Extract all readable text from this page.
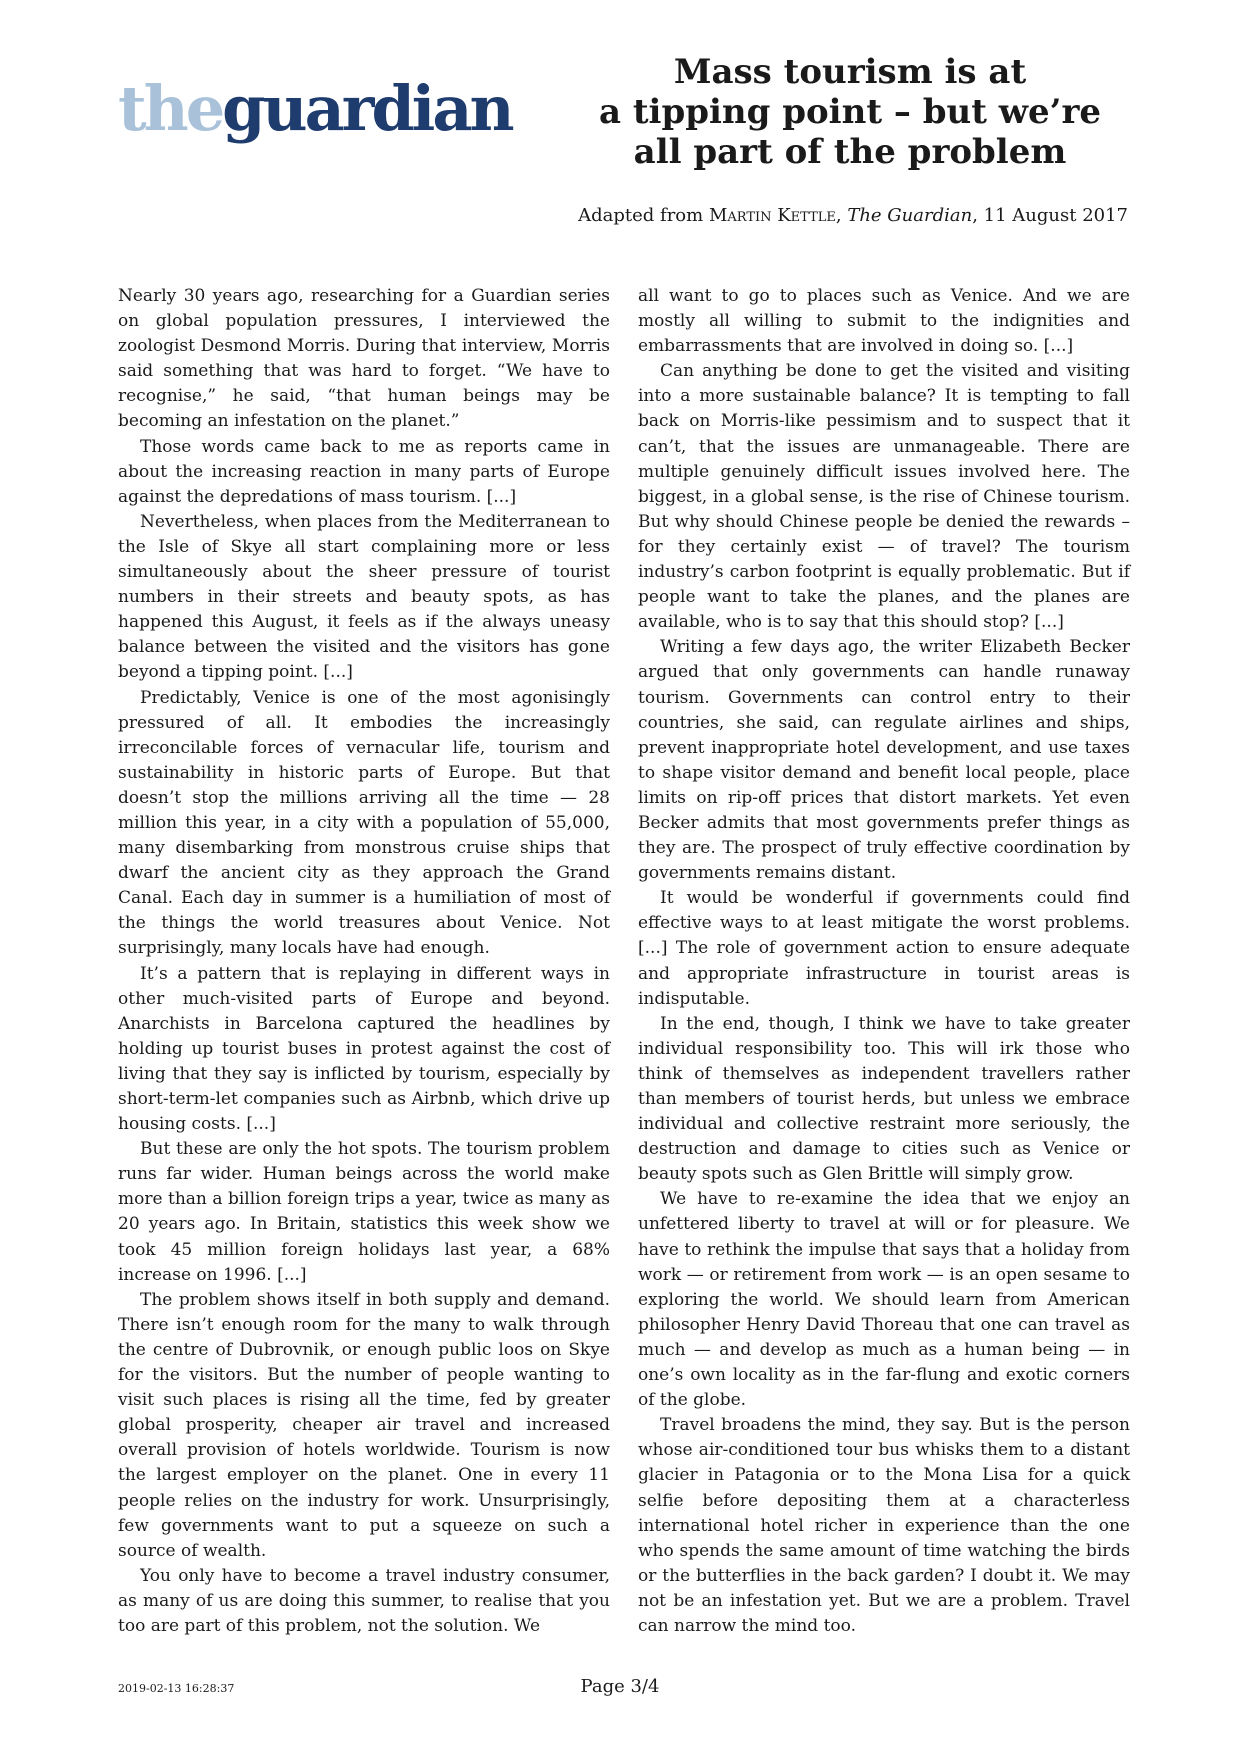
theguardian	Mass tourism is at
a tipping point – but we’re
all part of the problem
Adapted from Martin Kettle, The Guardian, 11 August 2017

Nearly 30 years ago, researching for a Guardian series on global population pressures, I interviewed the zoologist Desmond Morris. During that interview, Morris said something that was hard to forget. “We have to recognise,” he said, “that human beings may be becoming an infestation on the planet.”

Those words came back to me as reports came in about the increasing reaction in many parts of Europe against the depredations of mass tourism. [...]

Nevertheless, when places from the Mediterranean to the Isle of Skye all start complaining more or less simultaneously about the sheer pressure of tourist numbers in their streets and beauty spots, as has happened this August, it feels as if the always uneasy balance between the visited and the visitors has gone beyond a tipping point. [...]

Predictably, Venice is one of the most agonisingly pressured of all. It embodies the increasingly irreconcilable forces of vernacular life, tourism and sustainability in historic parts of Europe. But that doesn’t stop the millions arriving all the time — 28 million this year, in a city with a population of 55,000, many disembarking from monstrous cruise ships that dwarf the ancient city as they approach the Grand Canal. Each day in summer is a humiliation of most of the things the world treasures about Venice. Not surprisingly, many locals have had enough.

It’s a pattern that is replaying in different ways in other much-visited parts of Europe and beyond. Anarchists in Barcelona captured the headlines by holding up tourist buses in protest against the cost of living that they say is inflicted by tourism, especially by short-term-let companies such as Airbnb, which drive up housing costs. [...]

But these are only the hot spots. The tourism problem runs far wider. Human beings across the world make more than a billion foreign trips a year, twice as many as 20 years ago. In Britain, statistics this week show we took 45 million foreign holidays last year, a 68% increase on 1996. [...]

The problem shows itself in both supply and demand. There isn’t enough room for the many to walk through the centre of Dubrovnik, or enough public loos on Skye for the visitors. But the number of people wanting to visit such places is rising all the time, fed by greater global prosperity, cheaper air travel and increased overall provision of hotels worldwide. Tourism is now the largest employer on the planet. One in every 11 people relies on the industry for work. Unsurprisingly, few governments want to put a squeeze on such a source of wealth.

You only have to become a travel industry consumer, as many of us are doing this summer, to realise that you too are part of this problem, not the solution. We

all want to go to places such as Venice. And we are mostly all willing to submit to the indignities and embarrassments that are involved in doing so. [...]

Can anything be done to get the visited and visiting into a more sustainable balance? It is tempting to fall back on Morris-like pessimism and to suspect that it can’t, that the issues are unmanageable. There are multiple genuinely difficult issues involved here. The biggest, in a global sense, is the rise of Chinese tourism. But why should Chinese people be denied the rewards – for they certainly exist — of travel? The tourism industry’s carbon footprint is equally problematic. But if people want to take the planes, and the planes are available, who is to say that this should stop? [...]

Writing a few days ago, the writer Elizabeth Becker argued that only governments can handle runaway tourism. Governments can control entry to their countries, she said, can regulate airlines and ships, prevent inappropriate hotel development, and use taxes to shape visitor demand and benefit local people, place limits on rip-off prices that distort markets. Yet even Becker admits that most governments prefer things as they are. The prospect of truly effective coordination by governments remains distant.

It would be wonderful if governments could find effective ways to at least mitigate the worst problems. [...] The role of government action to ensure adequate and appropriate infrastructure in tourist areas is indisputable.

In the end, though, I think we have to take greater individual responsibility too. This will irk those who think of themselves as independent travellers rather than members of tourist herds, but unless we embrace individual and collective restraint more seriously, the destruction and damage to cities such as Venice or beauty spots such as Glen Brittle will simply grow.

We have to re-examine the idea that we enjoy an unfettered liberty to travel at will or for pleasure. We have to rethink the impulse that says that a holiday from work — or retirement from work — is an open sesame to exploring the world. We should learn from American philosopher Henry David Thoreau that one can travel as much — and develop as much as a human being — in one’s own locality as in the far-flung and exotic corners of the globe.

Travel broadens the mind, they say. But is the person whose air-conditioned tour bus whisks them to a distant glacier in Patagonia or to the Mona Lisa for a quick selfie before depositing them at a characterless international hotel richer in experience than the one who spends the same amount of time watching the birds or the butterflies in the back garden? I doubt it. We may not be an infestation yet. But we are a problem. Travel can narrow the mind too.

2019-02-13 16:28:37	Page 3/4
